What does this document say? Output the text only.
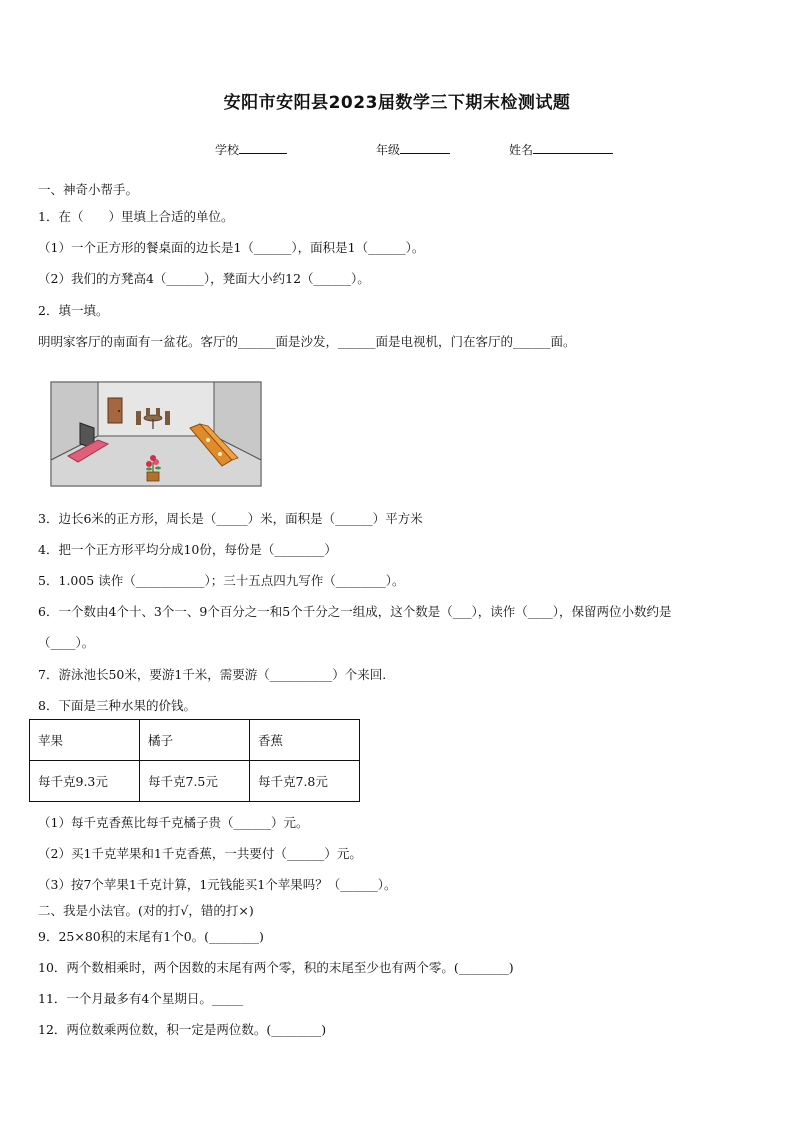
安阳市安阳县2023届数学三下期末检测试题
学校	年级	姓名
一、神奇小帮手。
1．在（　　）里填上合适的单位。
（1）一个正方形的餐桌面的边长是1（______），面积是1（______）。
（2）我们的方凳高4（______），凳面大小约12（______）。
2．填一填。
明明家客厅的南面有一盆花。客厅的______面是沙发，______面是电视机，门在客厅的______面。
3．边长6米的正方形，周长是（_____）米，面积是（______）平方米
4．把一个正方形平均分成10份，每份是（________）
5．1.005 读作（___________）；三十五点四九写作（________）。
6．一个数由4个十、3个一、9个百分之一和5个千分之一组成，这个数是（___），读作（____），保留两位小数约是
（____）。
7．游泳池长50米，要游1千米，需要游（__________）个来回.
8．下面是三种水果的价钱。
苹果	橘子	香蕉
每千克9.3元	每千克7.5元	每千克7.8元
（1）每千克香蕉比每千克橘子贵（______）元。
（2）买1千克苹果和1千克香蕉，一共要付（______）元。
（3）按7个苹果1千克计算，1元钱能买1个苹果吗？（______）。
二、我是小法官。(对的打√，错的打×)
9．25×80积的末尾有1个0。(________)
10．两个数相乘时，两个因数的末尾有两个零，积的末尾至少也有两个零。(________)
11．一个月最多有4个星期日。_____
12．两位数乘两位数，积一定是两位数。(________)
